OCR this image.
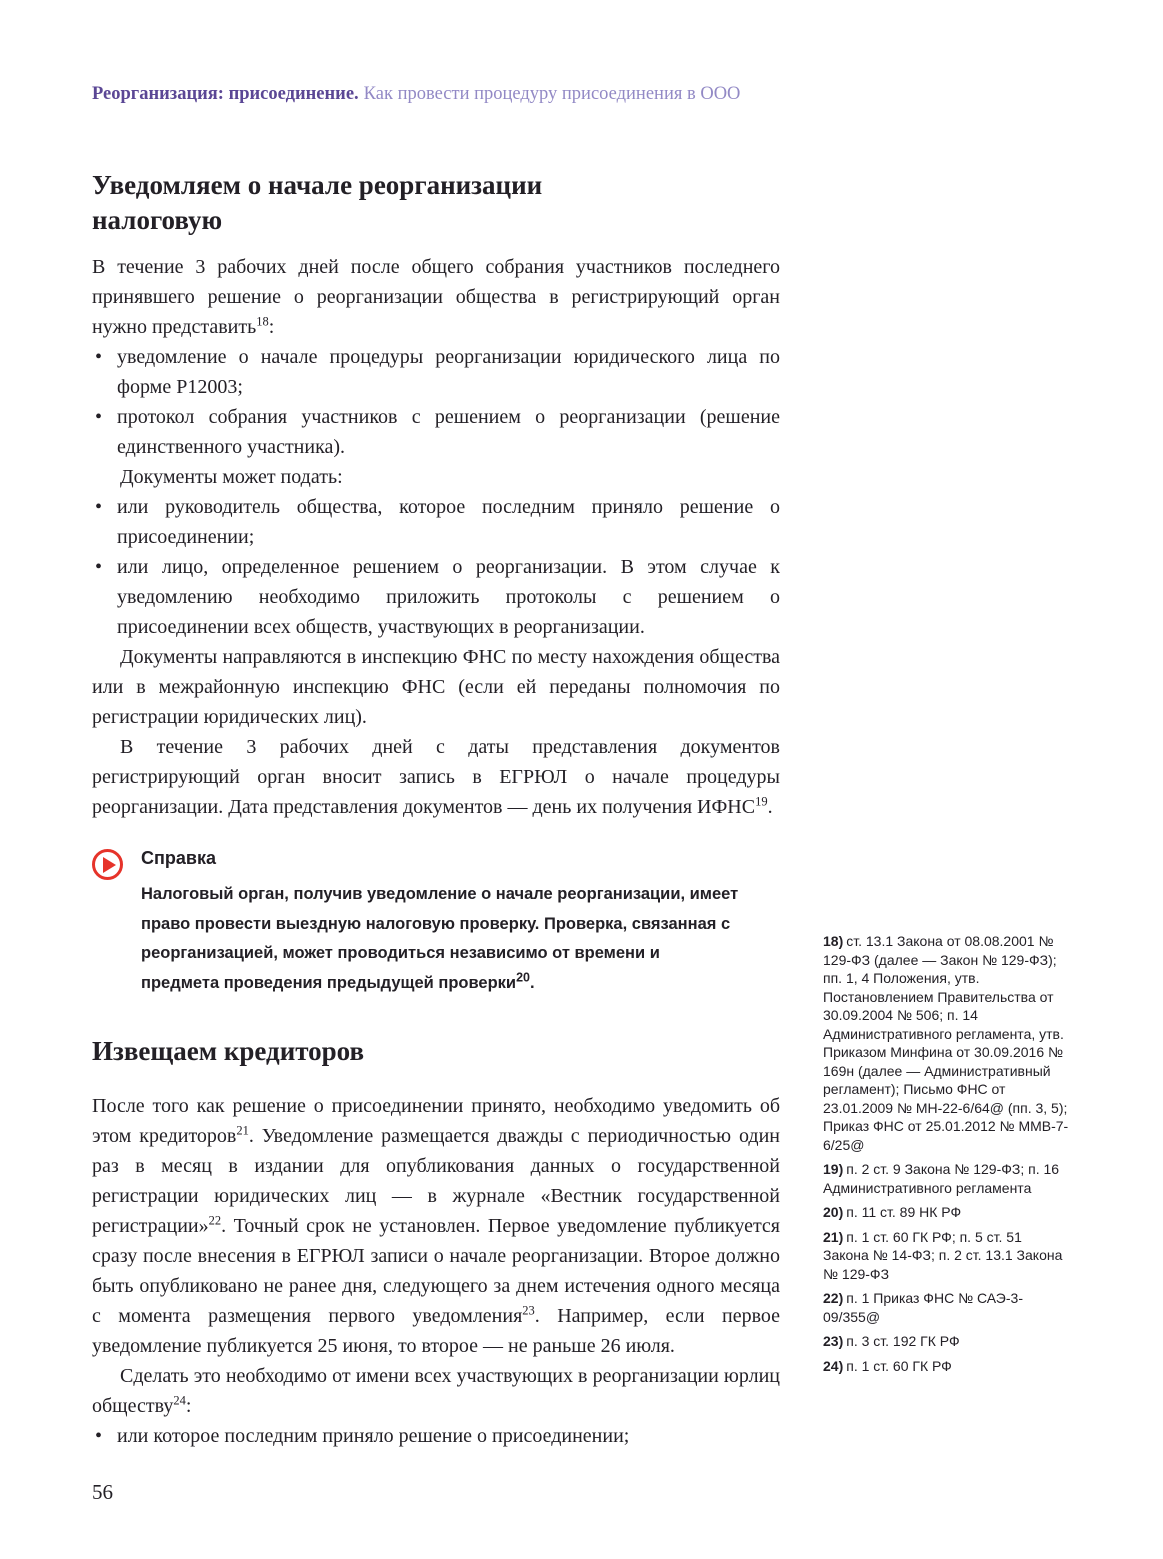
Реорганизация: присоединение. Как провести процедуру присоединения в ООО
Уведомляем о начале реорганизации
налоговую

В течение 3 рабочих дней после общего собрания участников последнего принявшего решение о реорганизации общества в регистрирующий орган нужно представить$^{18}$:

• уведомление о начале процедуры реорганизации юридического лица по форме Р12003;
• протокол собрания участников с решением о реорганизации (решение единственного участника).

Документы может подать:

• или руководитель общества, которое последним приняло решение о присоединении;
• или лицо, определенное решением о реорганизации. В этом случае к уведомлению необходимо приложить протоколы с решением о присоединении всех обществ, участвующих в реорганизации.

Документы направляются в инспекцию ФНС по месту нахождения общества или в межрайонную инспекцию ФНС (если ей переданы полномочия по регистрации юридических лиц).

В течение 3 рабочих дней с даты представления документов регистрирующий орган вносит запись в ЕГРЮЛ о начале процедуры реорганизации. Дата представления документов — день их получения ИФНС$^{19}$.

Справка
Налоговый орган, получив уведомление о начале реорганизации, имеет право провести выездную налоговую проверку. Проверка, связанная с реорганизацией, может проводиться независимо от времени и предмета проведения предыдущей проверки$^{20}$.
Извещаем кредиторов

После того как решение о присоединении принято, необходимо уведомить об этом кредиторов$^{21}$. Уведомление размещается дважды с периодичностью один раз в месяц в издании для опубликования данных о государственной регистрации юридических лиц — в журнале «Вестник государственной регистрации»$^{22}$. Точный срок не установлен. Первое уведомление публикуется сразу после внесения в ЕГРЮЛ записи о начале реорганизации. Второе должно быть опубликовано не ранее дня, следующего за днем истечения одного месяца с момента размещения первого уведомления$^{23}$. Например, если первое уведомление публикуется 25 июня, то второе — не раньше 26 июля.

Сделать это необходимо от имени всех участвующих в реорганизации юрлиц обществу$^{24}$:

• или которое последним приняло решение о присоединении;
18) ст. 13.1 Закона от 08.08.2001 № 129-ФЗ (далее — Закон № 129-ФЗ); пп. 1, 4 Положения, утв. Постановлением Правительства от 30.09.2004 № 506; п. 14 Административного регламента, утв. Приказом Минфина от 30.09.2016 № 169н (далее — Административный регламент); Письмо ФНС от 23.01.2009 № МН-22-6/64@ (пп. 3, 5); Приказ ФНС от 25.01.2012 № ММВ-7-6/25@
19) п. 2 ст. 9 Закона № 129-ФЗ; п. 16 Административного регламента
20) п. 11 ст. 89 НК РФ
21) п. 1 ст. 60 ГК РФ; п. 5 ст. 51 Закона № 14-ФЗ; п. 2 ст. 13.1 Закона № 129-ФЗ
22) п. 1 Приказ ФНС № САЭ-3-09/355@
23) п. 3 ст. 192 ГК РФ
24) п. 1 ст. 60 ГК РФ
56
